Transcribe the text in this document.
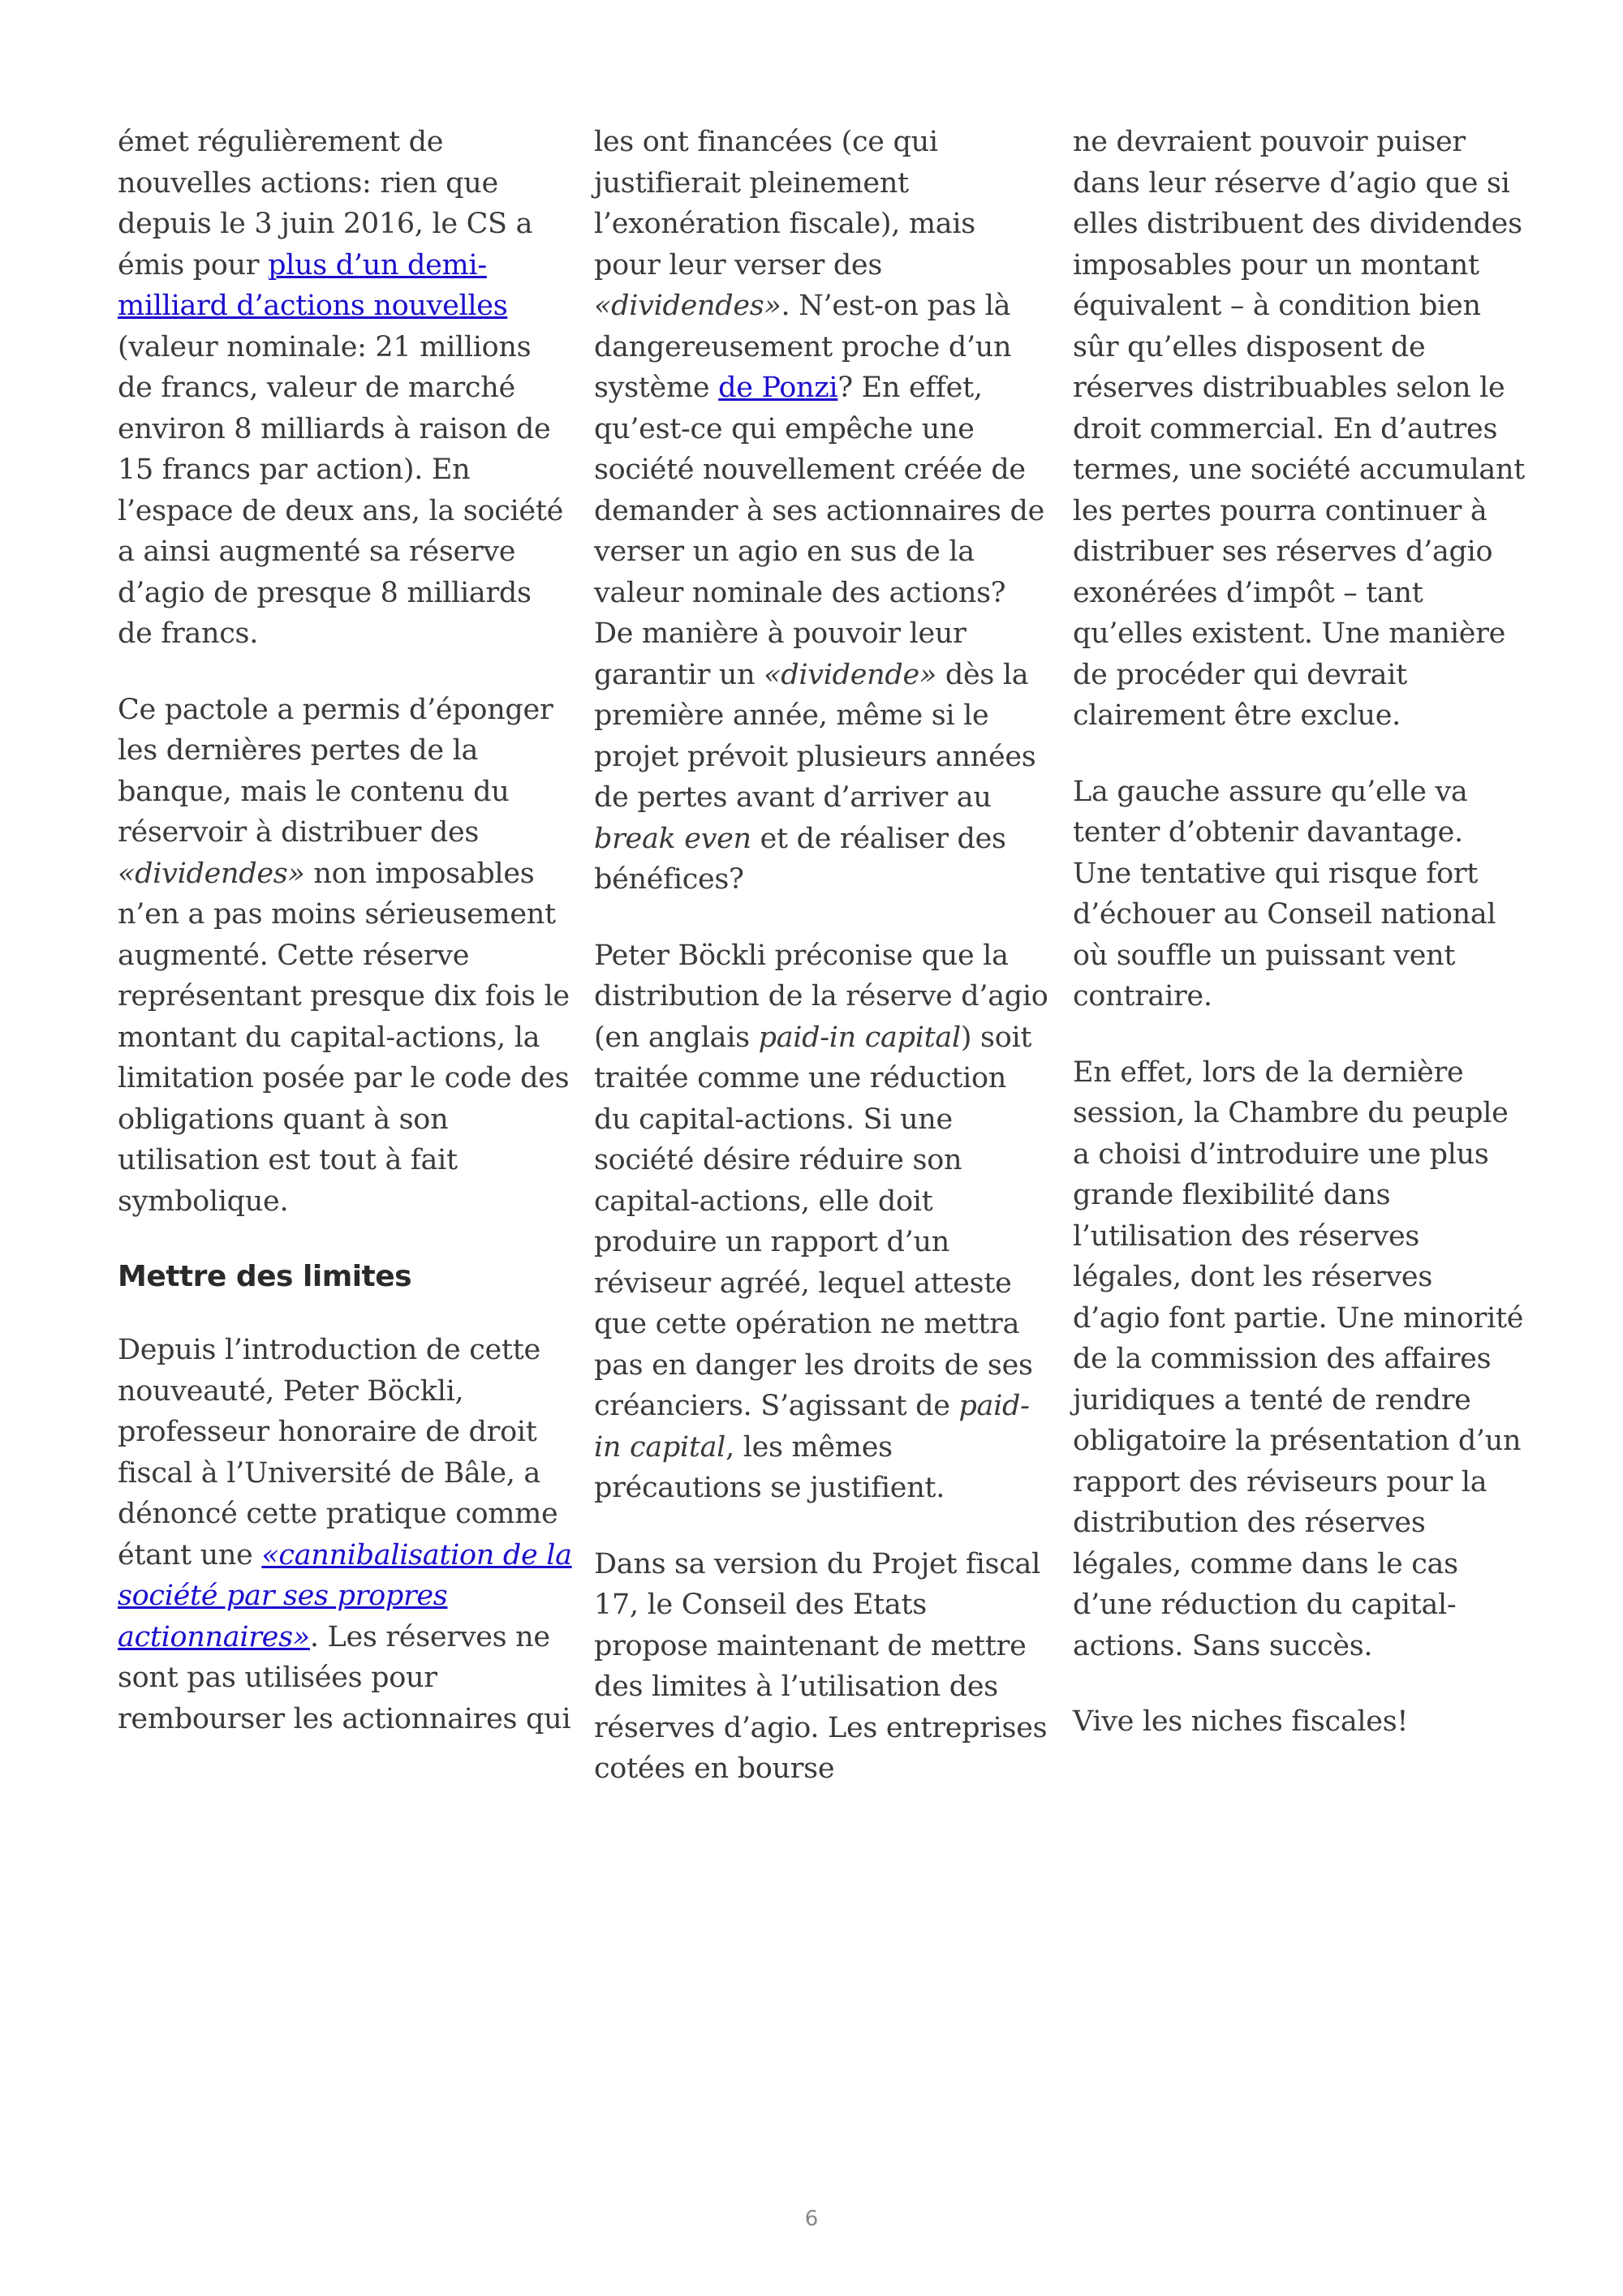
émet régulièrement de nouvelles actions: rien que depuis le 3 juin 2016, le CS a émis pour plus d’un demi-milliard d’actions nouvelles (valeur nominale: 21 millions de francs, valeur de marché environ 8 milliards à raison de 15 francs par action). En l’espace de deux ans, la société a ainsi augmenté sa réserve d’agio de presque 8 milliards de francs.

Ce pactole a permis d’éponger les dernières pertes de la banque, mais le contenu du réservoir à distribuer des «dividendes» non imposables n’en a pas moins sérieusement augmenté. Cette réserve représentant presque dix fois le montant du capital-actions, la limitation posée par le code des obligations quant à son utilisation est tout à fait symbolique.

Mettre des limites

Depuis l’introduction de cette nouveauté, Peter Böckli, professeur honoraire de droit fiscal à l’Université de Bâle, a dénoncé cette pratique comme étant une «cannibalisation de la société par ses propres actionnaires». Les réserves ne sont pas utilisées pour rembourser les actionnaires qui

les ont financées (ce qui justifierait pleinement l’exonération fiscale), mais pour leur verser des «dividendes». N’est-on pas là dangereusement proche d’un système de Ponzi? En effet, qu’est-ce qui empêche une société nouvellement créée de demander à ses actionnaires de verser un agio en sus de la valeur nominale des actions? De manière à pouvoir leur garantir un «dividende» dès la première année, même si le projet prévoit plusieurs années de pertes avant d’arriver au break even et de réaliser des bénéfices?

Peter Böckli préconise que la distribution de la réserve d’agio (en anglais paid-in capital) soit traitée comme une réduction du capital-actions. Si une société désire réduire son capital-actions, elle doit produire un rapport d’un réviseur agréé, lequel atteste que cette opération ne mettra pas en danger les droits de ses créanciers. S’agissant de paid-in capital, les mêmes précautions se justifient.

Dans sa version du Projet fiscal 17, le Conseil des Etats propose maintenant de mettre des limites à l’utilisation des réserves d’agio. Les entreprises cotées en bourse

ne devraient pouvoir puiser dans leur réserve d’agio que si elles distribuent des dividendes imposables pour un montant équivalent – à condition bien sûr qu’elles disposent de réserves distribuables selon le droit commercial. En d’autres termes, une société accumulant les pertes pourra continuer à distribuer ses réserves d’agio exonérées d’impôt – tant qu’elles existent. Une manière de procéder qui devrait clairement être exclue.

La gauche assure qu’elle va tenter d’obtenir davantage. Une tentative qui risque fort d’échouer au Conseil national où souffle un puissant vent contraire.

En effet, lors de la dernière session, la Chambre du peuple a choisi d’introduire une plus grande flexibilité dans l’utilisation des réserves légales, dont les réserves d’agio font partie. Une minorité de la commission des affaires juridiques a tenté de rendre obligatoire la présentation d’un rapport des réviseurs pour la distribution des réserves légales, comme dans le cas d’une réduction du capital-actions. Sans succès.

Vive les niches fiscales!

6
